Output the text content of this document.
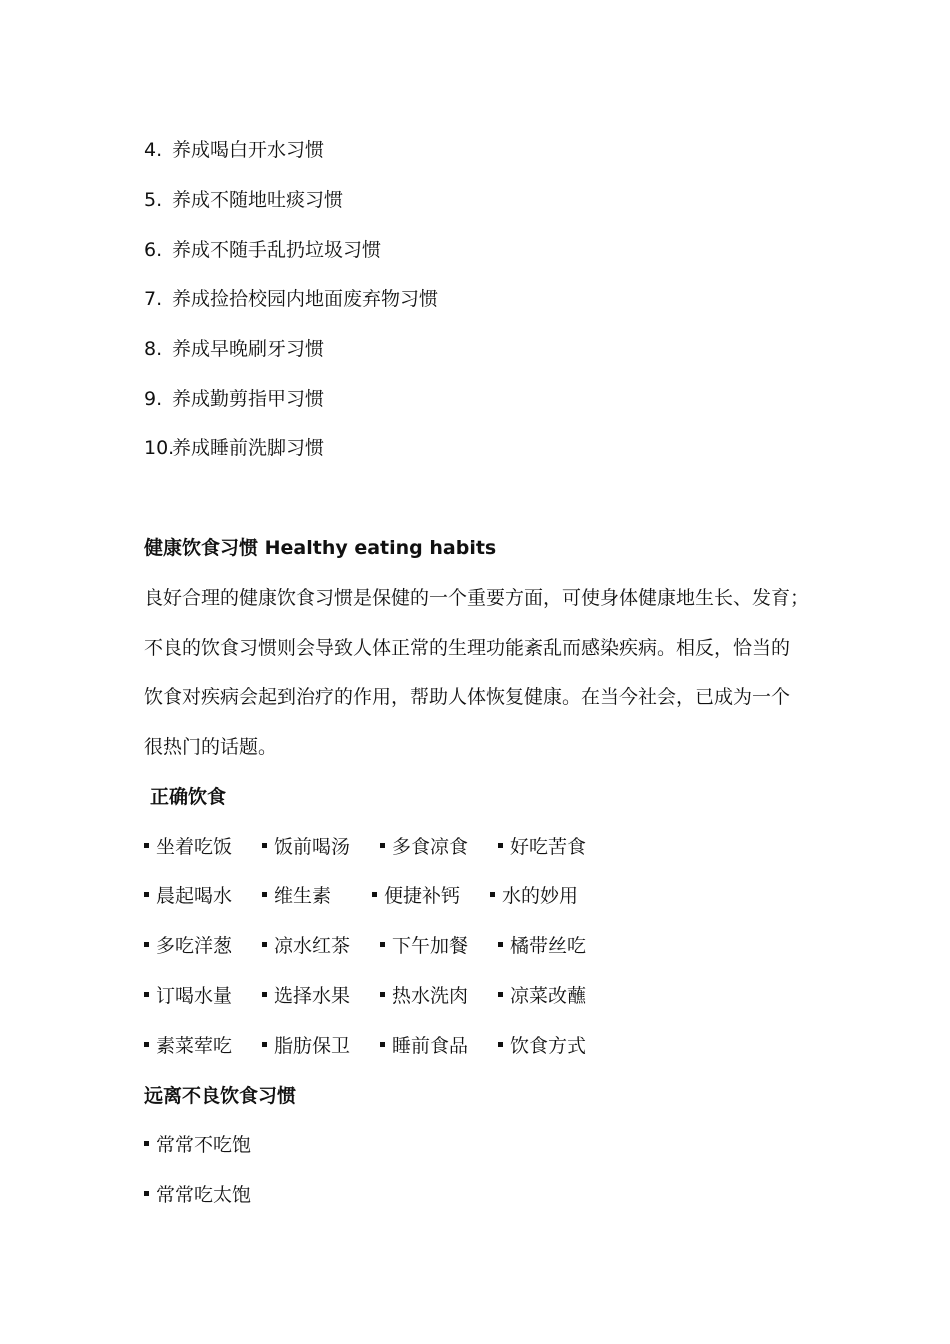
4. 养成喝白开水习惯
5. 养成不随地吐痰习惯
6. 养成不随手乱扔垃圾习惯
7. 养成捡拾校园内地面废弃物习惯
8. 养成早晚刷牙习惯
9. 养成勤剪指甲习惯
10.养成睡前洗脚习惯
健康饮食习惯 Healthy eating habits
良好合理的健康饮食习惯是保健的一个重要方面，可使身体健康地生长、发育；
不良的饮食习惯则会导致人体正常的生理功能紊乱而感染疾病。相反，恰当的
饮食对疾病会起到治疗的作用，帮助人体恢复健康。在当今社会，已成为一个
很热门的话题。
正确饮食
坐着吃饭	饭前喝汤	多食凉食	好吃苦食
晨起喝水	维生素	便捷补钙	水的妙用
多吃洋葱	凉水红茶	下午加餐	橘带丝吃
订喝水量	选择水果	热水洗肉	凉菜改蘸
素菜荤吃	脂肪保卫	睡前食品	饮食方式
远离不良饮食习惯
常常不吃饱
常常吃太饱
